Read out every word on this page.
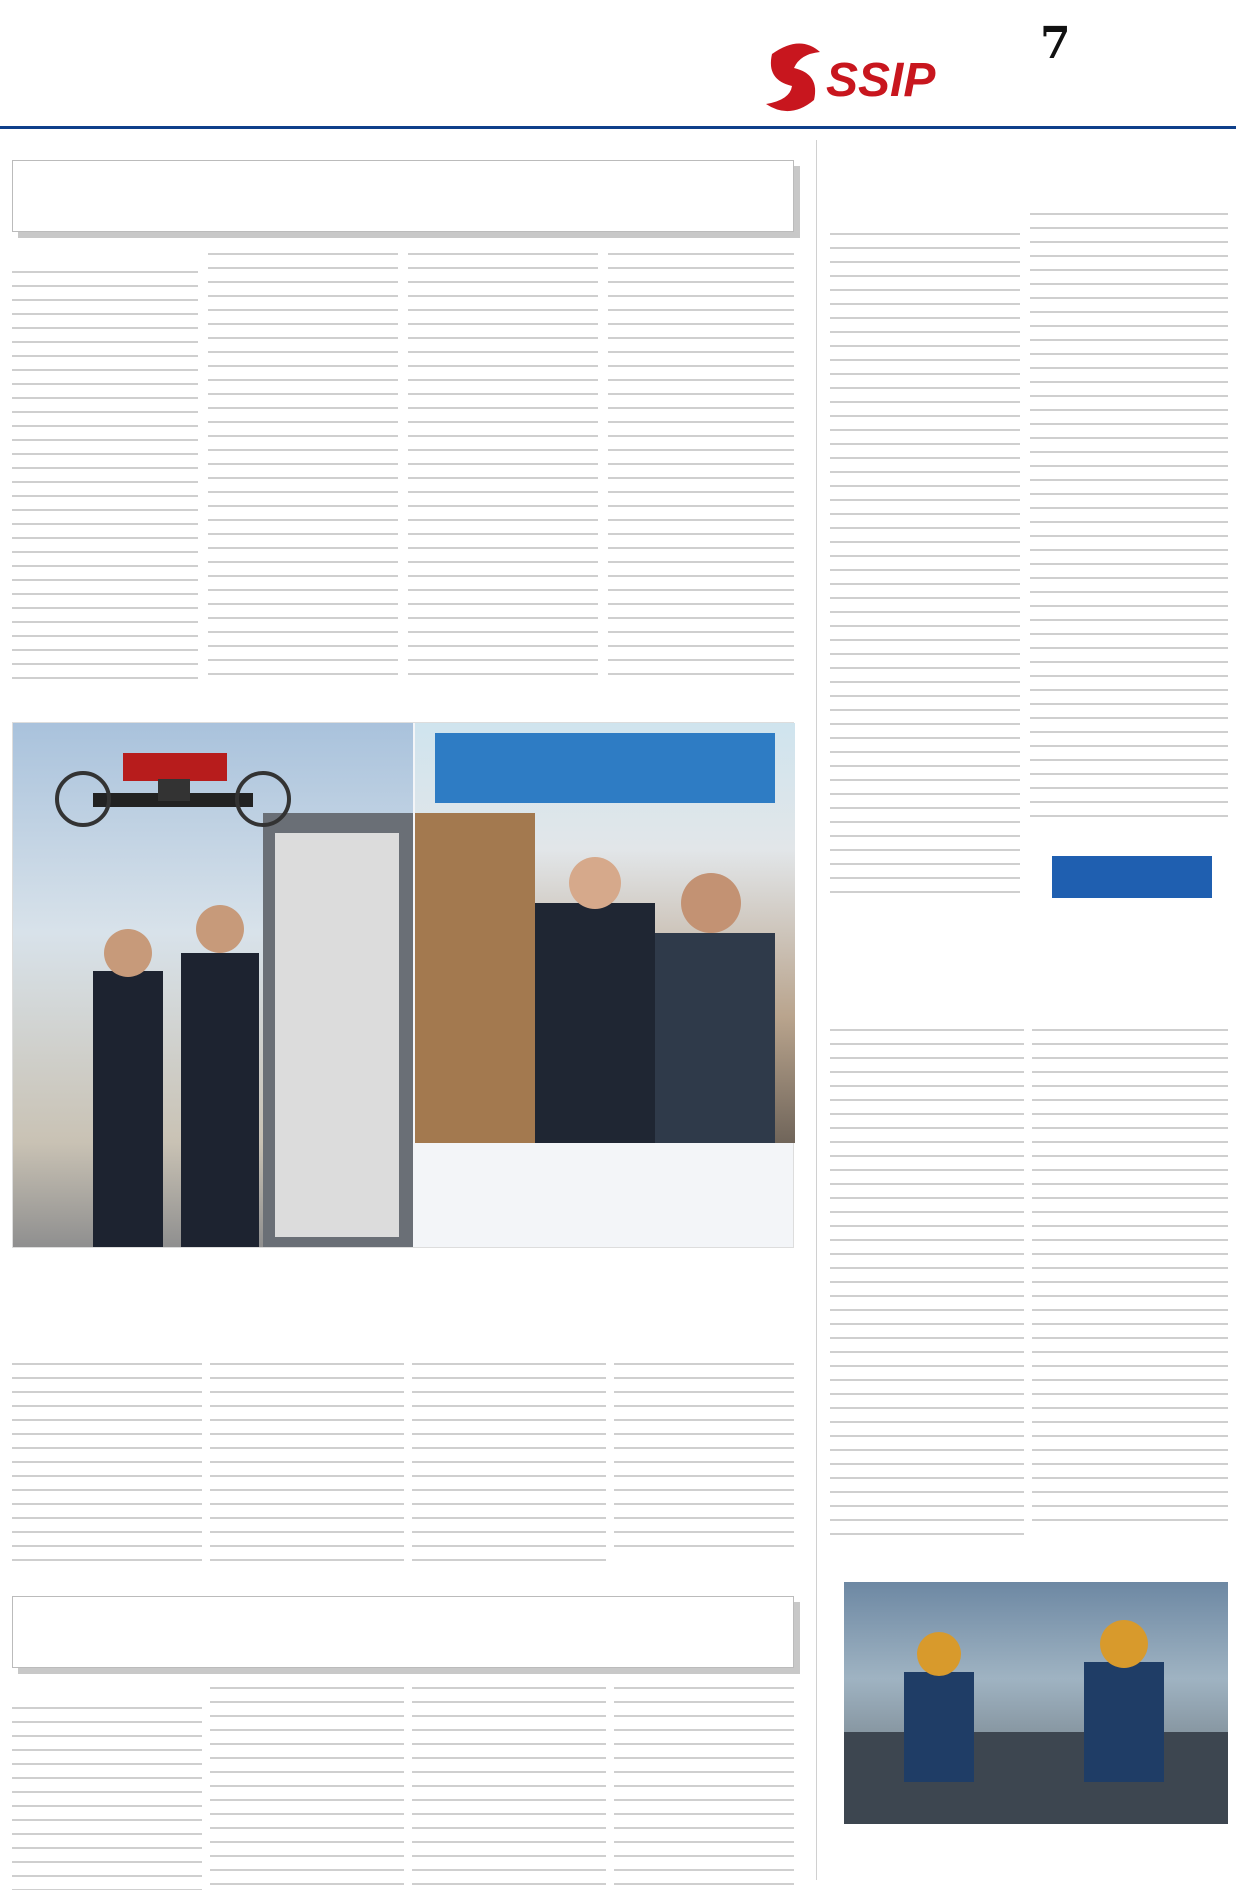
SSIP
7
